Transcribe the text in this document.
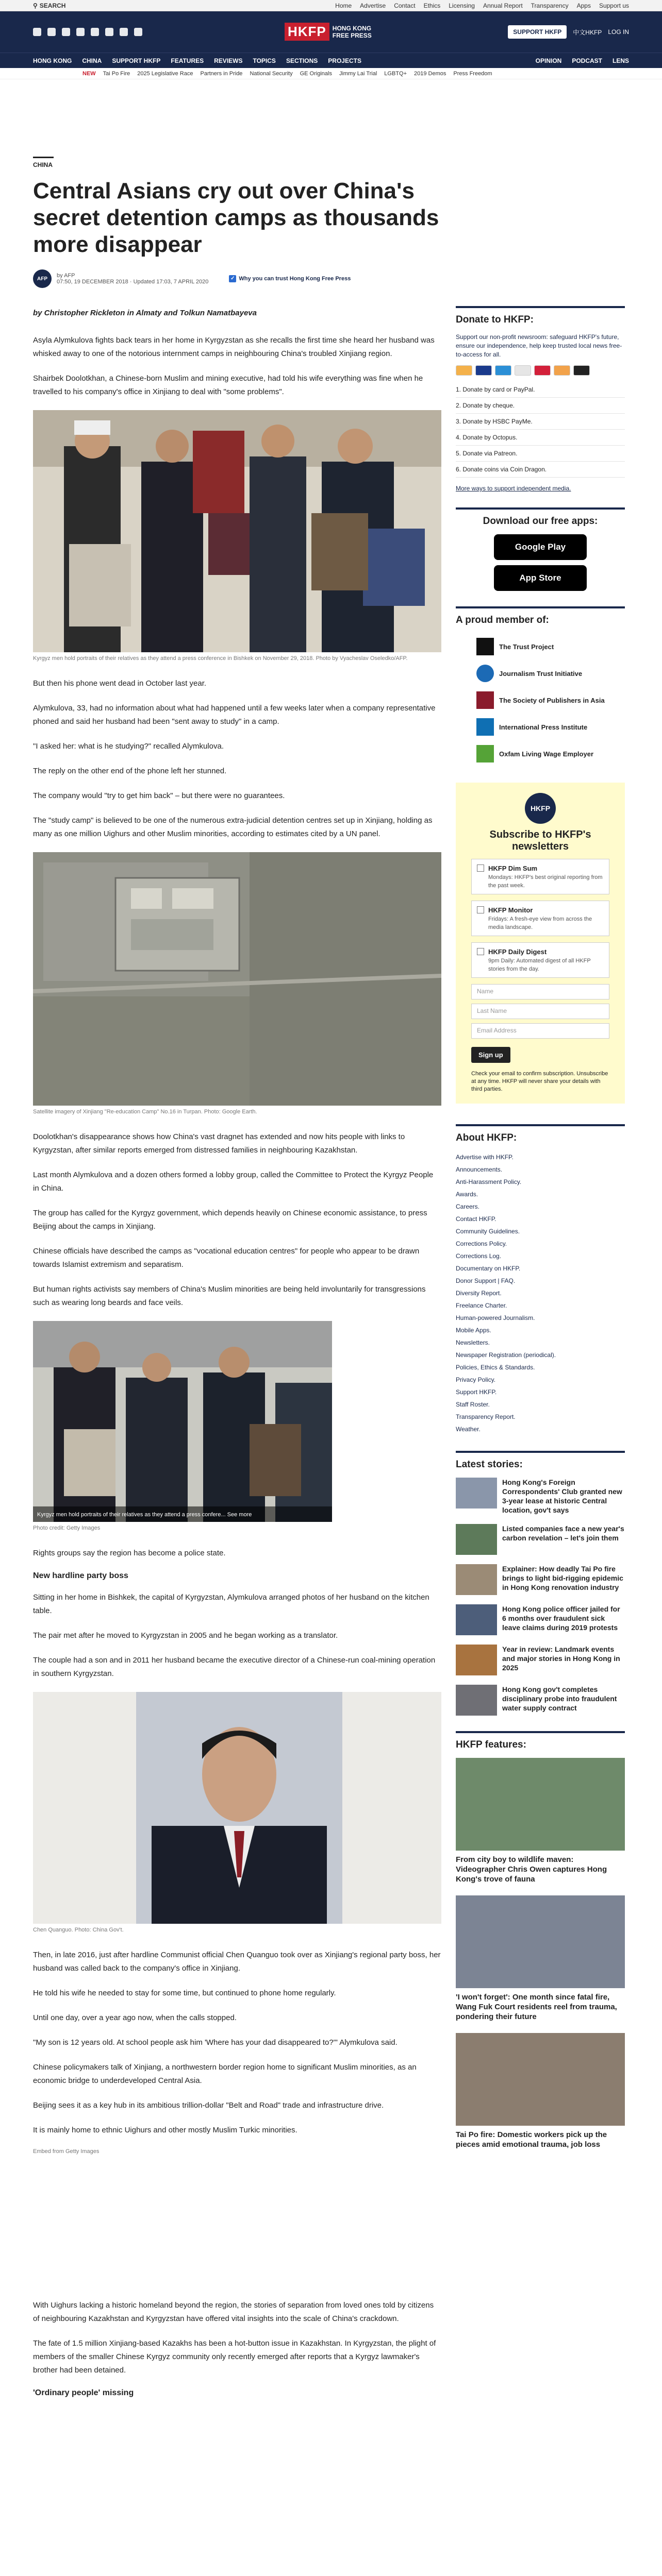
⚲ SEARCH	Home Advertise Contact Ethics Licensing Annual Report Transparency Apps Support us
HKFP	HONG KONG
FREE PRESS	SUPPORT HKFP	中文HKFP LOG IN
HONG KONG CHINA SUPPORT HKFP FEATURES REVIEWS TOPICS SECTIONS PROJECTS	OPINION PODCAST LENS
NEW Tai Po Fire 2025 Legislative Race Partners in Pride National Security GE Originals Jimmy Lai Trial LGBTQ+ 2019 Demos Press Freedom
CHINA
Central Asians cry out over China's secret detention camps as thousands more disappear
AFP	by AFP
07:50, 19 DECEMBER 2018 · Updated 17:03, 7 APRIL 2020
✓ Why you can trust Hong Kong Free Press
by Christopher Rickleton in Almaty and Tolkun Namatbayeva

Asyla Alymkulova fights back tears in her home in Kyrgyzstan as she recalls the first time she heard her husband was whisked away to one of the notorious internment camps in neighbouring China's troubled Xinjiang region.

Shairbek Doolotkhan, a Chinese-born Muslim and mining executive, had told his wife everything was fine when he travelled to his company's office in Xinjiang to deal with "some problems".

Kyrgyz men hold portraits of their relatives as they attend a press conference in Bishkek on November 29, 2018. Photo by Vyacheslav Oseledko/AFP.

But then his phone went dead in October last year.

Alymkulova, 33, had no information about what had happened until a few weeks later when a company representative phoned and said her husband had been "sent away to study" in a camp.

"I asked her: what is he studying?" recalled Alymkulova.

The reply on the other end of the phone left her stunned.

The company would "try to get him back" – but there were no guarantees.

The "study camp" is believed to be one of the numerous extra-judicial detention centres set up in Xinjiang, holding as many as one million Uighurs and other Muslim minorities, according to estimates cited by a UN panel.

Satellite imagery of Xinjiang "Re-education Camp" No.16 in Turpan. Photo: Google Earth.

Doolotkhan's disappearance shows how China's vast dragnet has extended and now hits people with links to Kyrgyzstan, after similar reports emerged from distressed families in neighbouring Kazakhstan.

Last month Alymkulova and a dozen others formed a lobby group, called the Committee to Protect the Kyrgyz People in China.

The group has called for the Kyrgyz government, which depends heavily on Chinese economic assistance, to press Beijing about the camps in Xinjiang.

Chinese officials have described the camps as "vocational education centres" for people who appear to be drawn towards Islamist extremism and separatism.

But human rights activists say members of China's Muslim minorities are being held involuntarily for transgressions such as wearing long beards and face veils.

Kyrgyz men hold portraits of their relatives as they attend a press confere... See more
Photo credit: Getty Images

Rights groups say the region has become a police state.

New hardline party boss

Sitting in her home in Bishkek, the capital of Kyrgyzstan, Alymkulova arranged photos of her husband on the kitchen table.

The pair met after he moved to Kyrgyzstan in 2005 and he began working as a translator.

The couple had a son and in 2011 her husband became the executive director of a Chinese-run coal-mining operation in southern Kyrgyzstan.

Chen Quanguo. Photo: China Gov't.

Then, in late 2016, just after hardline Communist official Chen Quanguo took over as Xinjiang's regional party boss, her husband was called back to the company's office in Xinjiang.

He told his wife he needed to stay for some time, but continued to phone home regularly.

Until one day, over a year ago now, when the calls stopped.

"My son is 12 years old. At school people ask him 'Where has your dad disappeared to?'" Alymkulova said.

Chinese policymakers talk of Xinjiang, a northwestern border region home to significant Muslim minorities, as an economic bridge to underdeveloped Central Asia.

Beijing sees it as a key hub in its ambitious trillion-dollar "Belt and Road" trade and infrastructure drive.

It is mainly home to ethnic Uighurs and other mostly Muslim Turkic minorities.

Embed from Getty Images

With Uighurs lacking a historic homeland beyond the region, the stories of separation from loved ones told by citizens of neighbouring Kazakhstan and Kyrgyzstan have offered vital insights into the scale of China's crackdown.

The fate of 1.5 million Xinjiang-based Kazakhs has been a hot-button issue in Kazakhstan. In Kyrgyzstan, the plight of members of the smaller Chinese Kyrgyz community only recently emerged after reports that a Kyrgyz lawmaker's brother had been detained.

'Ordinary people' missing
Donate to HKFP:
Support our non-profit newsroom: safeguard HKFP's future, ensure our independence, help keep trusted local news free-to-access for all.
1. Donate by card or PayPal.
2. Donate by cheque.
3. Donate by HSBC PayMe.
4. Donate by Octopus.
5. Donate via Patreon.
6. Donate coins via Coin Dragon.
More ways to support independent media.
Download our free apps:
Google Play
App Store
A proud member of:
The Trust Project
Journalism Trust Initiative
The Society of Publishers in Asia
International Press Institute
Oxfam Living Wage Employer
HKFP
Subscribe to HKFP's newsletters
HKFP Dim Sum
Mondays: HKFP's best original reporting from the past week.
HKFP Monitor
Fridays: A fresh-eye view from across the media landscape.
HKFP Daily Digest
9pm Daily: Automated digest of all HKFP stories from the day.
Name
Last Name
Email Address
Sign up
Check your email to confirm subscription. Unsubscribe at any time. HKFP will never share your details with third parties.
About HKFP:
Advertise with HKFP.
Announcements.
Anti-Harassment Policy.
Awards.
Careers.
Contact HKFP.
Community Guidelines.
Corrections Policy.
Corrections Log.
Documentary on HKFP.
Donor Support | FAQ.
Diversity Report.
Freelance Charter.
Human-powered Journalism.
Mobile Apps.
Newsletters.
Newspaper Registration (periodical).
Policies, Ethics & Standards.
Privacy Policy.
Support HKFP.
Staff Roster.
Transparency Report.
Weather.
Latest stories:
Hong Kong's Foreign Correspondents' Club granted new 3-year lease at historic Central location, gov't says
Listed companies face a new year's carbon revelation – let's join them
Explainer: How deadly Tai Po fire brings to light bid-rigging epidemic in Hong Kong renovation industry
Hong Kong police officer jailed for 6 months over fraudulent sick leave claims during 2019 protests
Year in review: Landmark events and major stories in Hong Kong in 2025
Hong Kong gov't completes disciplinary probe into fraudulent water supply contract
HKFP features:
From city boy to wildlife maven: Videographer Chris Owen captures Hong Kong's trove of fauna
'I won't forget': One month since fatal fire, Wang Fuk Court residents reel from trauma, pondering their future
Tai Po fire: Domestic workers pick up the pieces amid emotional trauma, job loss
